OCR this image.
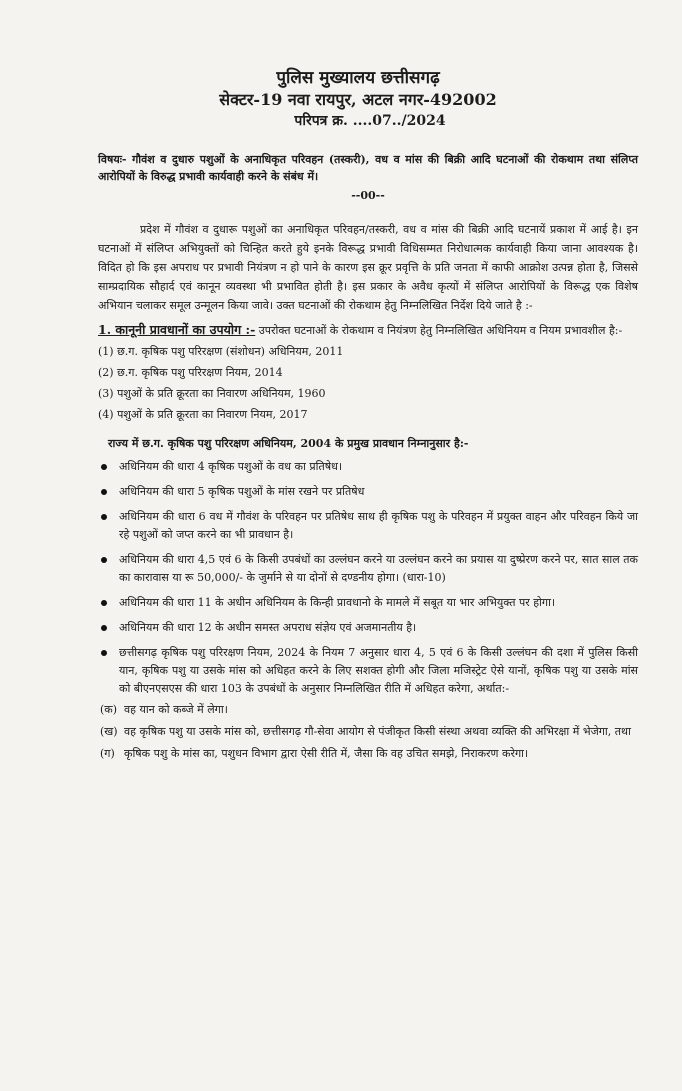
पुलिस मुख्यालय छत्तीसगढ़
सेक्टर-19 नवा रायपुर, अटल नगर-492002
परिपत्र क्र. ....07../2024
विषयः- गौवंश व दुधारु पशुओं के अनाधिकृत परिवहन (तस्करी), वध व मांस की बिक्री आदि घटनाओं की रोकथाम तथा संलिप्त आरोपियों के विरुद्ध प्रभावी कार्यवाही करने के संबंध में।
--00--
प्रदेश में गौवंश व दुधारू पशुओं का अनाधिकृत परिवहन/तस्करी, वध व मांस की बिक्री आदि घटनायें प्रकाश में आई है। इन घटनाओं में संलिप्त अभियुक्तों को चिन्हित करते हुये इनके विरूद्ध प्रभावी विधिसम्मत निरोधात्मक कार्यवाही किया जाना आवश्यक है। विदित हो कि इस अपराध पर प्रभावी नियंत्रण न हो पाने के कारण इस क्रूर प्रवृत्ति के प्रति जनता में काफी आक्रोश उत्पन्न होता है, जिससे साम्प्रदायिक सौहार्द एवं कानून व्यवस्था भी प्रभावित होती है। इस प्रकार के अवैध कृत्यों में संलिप्त आरोपियों के विरूद्ध एक विशेष अभियान चलाकर समूल उन्मूलन किया जावे। उक्त घटनाओं की रोकथाम हेतु निम्नलिखित निर्देश दिये जाते है :-
1. कानूनी प्रावधानों का उपयोग :- उपरोक्त घटनाओं के रोकथाम व नियंत्रण हेतु निम्नलिखित अधिनियम व नियम प्रभावशील है:-
(1) छ.ग. कृषिक पशु परिरक्षण (संशोधन) अधिनियम, 2011
(2) छ.ग. कृषिक पशु परिरक्षण नियम, 2014
(3) पशुओं के प्रति क्रूरता का निवारण अधिनियम, 1960
(4) पशुओं के प्रति क्रूरता का निवारण नियम, 2017
राज्य में छ.ग. कृषिक पशु परिरक्षण अधिनियम, 2004 के प्रमुख प्रावधान निम्नानुसार है:-
अधिनियम की धारा 4 कृषिक पशुओं के वध का प्रतिषेध।
अधिनियम की धारा 5 कृषिक पशुओं के मांस रखने पर प्रतिषेध
अधिनियम की धारा 6 वध में गौवंश के परिवहन पर प्रतिषेध साथ ही कृषिक पशु के परिवहन में प्रयुक्त वाहन और परिवहन किये जा रहे पशुओं को जप्त करने का भी प्रावधान है।
अधिनियम की धारा 4,5 एवं 6 के किसी उपबंधों का उल्लंघन करने या उल्लंघन करने का प्रयास या दुष्प्रेरण करने पर, सात साल तक का कारावास या रू 50,000/- के जुर्माने से या दोनों से दण्डनीय होगा। (धारा-10)
अधिनियम की धारा 11 के अधीन अधिनियम के किन्ही प्रावधानो के मामले में सबूत या भार अभियुक्त पर होगा।
अधिनियम की धारा 12 के अधीन समस्त अपराध संज्ञेय एवं अजमानतीय है।
छत्तीसगढ़ कृषिक पशु परिरक्षण नियम, 2024 के नियम 7 अनुसार धारा 4, 5 एवं 6 के किसी उल्लंघन की दशा में पुलिस किसी यान, कृषिक पशु या उसके मांस को अधिहत करने के लिए सशक्त होगी और जिला मजिस्ट्रेट ऐसे यानों, कृषिक पशु या उसके मांस को बीएनएसएस की धारा 103 के उपबंधों के अनुसार निम्नलिखित रीति में अधिहत करेगा, अर्थात:-
(क) वह यान को कब्जे में लेगा।
(ख) वह कृषिक पशु या उसके मांस को, छत्तीसगढ़ गौ-सेवा आयोग से पंजीकृत किसी संस्था अथवा व्यक्ति की अभिरक्षा में भेजेगा, तथा
(ग) कृषिक पशु के मांस का, पशुधन विभाग द्वारा ऐसी रीति में, जैसा कि वह उचित समझे, निराकरण करेगा।
